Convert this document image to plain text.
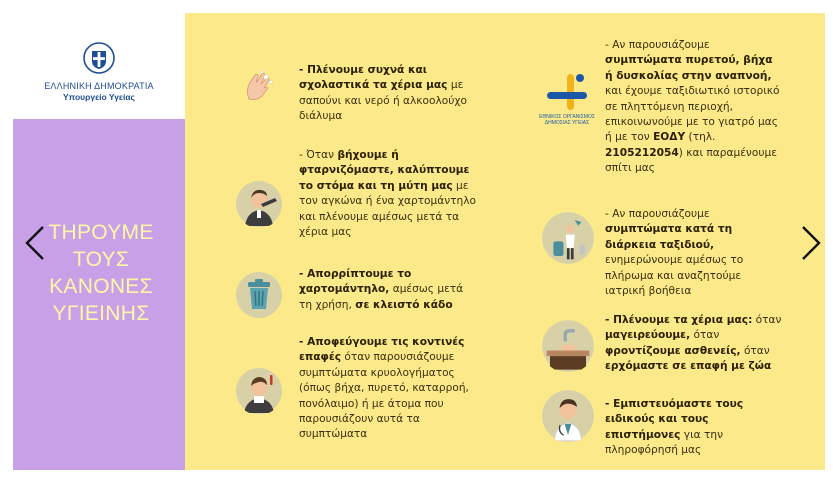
ΕΛΛΗΝΙΚΗ ΔΗΜΟΚΡΑΤΙΑ
Υπουργείο Υγείας
ΤΗΡΟΥΜΕ
ΤΟΥΣ
ΚΑΝΟΝΕΣ
ΥΓΙΕΙΝΗΣ
- Πλένουμε συχνά και σχολαστικά τα χέρια μας με σαπούνι και νερό ή αλκοολούχο διάλυμα
- Όταν βήχουμε ή φταρνιζόμαστε, καλύπτουμε το στόμα και τη μύτη μας με τον αγκώνα ή ένα χαρτομάντηλο και πλένουμε αμέσως μετά τα χέρια μας
- Απορρίπτουμε το χαρτομάντηλο, αμέσως μετά τη χρήση, σε κλειστό κάδο
- Αποφεύγουμε τις κοντινές επαφές όταν παρουσιάζουμε συμπτώματα κρυολογήματος (όπως βήχα, πυρετό, καταρροή, πονόλαιμο) ή με άτομα που παρουσιάζουν αυτά τα συμπτώματα
ΕΘΝΙΚΟΣ ΟΡΓΑΝΙΣΜΟΣ
ΔΗΜΟΣΙΑΣ ΥΓΕΙΑΣ
- Αν παρουσιάζουμε συμπτώματα πυρετού, βήχα ή δυσκολίας στην αναπνοή, και έχουμε ταξιδιωτικό ιστορικό σε πληττόμενη περιοχή, επικοινωνούμε με το γιατρό μας ή με τον ΕΟΔΥ (τηλ. 2105212054) και παραμένουμε σπίτι μας
- Αν παρουσιάζουμε συμπτώματα κατά τη διάρκεια ταξιδιού, ενημερώνουμε αμέσως το πλήρωμα και αναζητούμε ιατρική βοήθεια
- Πλένουμε τα χέρια μας: όταν μαγειρεύουμε, όταν φροντίζουμε ασθενείς, όταν ερχόμαστε σε επαφή με ζώα
- Εμπιστευόμαστε τους ειδικούς και τους επιστήμονες για την πληροφόρησή μας
